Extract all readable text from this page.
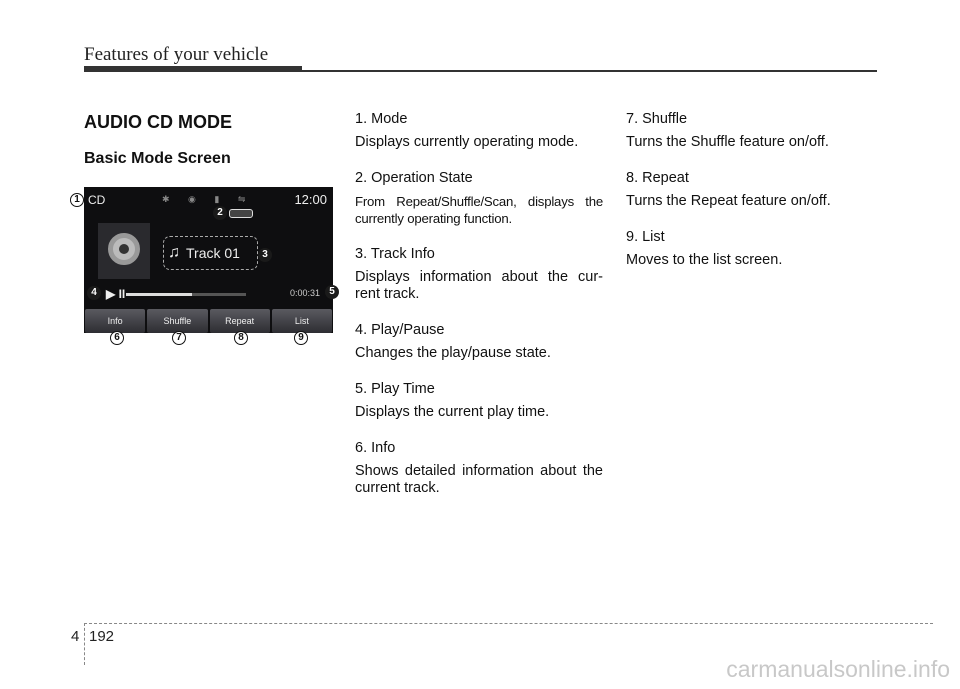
Features of your vehicle
AUDIO CD MODE
Basic Mode Screen
CD	✱ ◉ ▮ ⇋	12:00
♫ Track 01
▶ II	0:00:31
Info	Shuffle	Repeat	List
1
2
3
4	5
6	7	8	9
1. Mode
Displays currently operating mode.
2. Operation State
From Repeat/Shuffle/Scan, displays the currently operating function.
3. Track Info
Displays information about the cur-rent track.
4. Play/Pause
Changes the play/pause state.
5. Play Time
Displays the current play time.
6. Info
Shows detailed information about the current track.
7. Shuffle
Turns the Shuffle feature on/off.
8. Repeat
Turns the Repeat feature on/off.
9. List
Moves to the list screen.
4 192
carmanualsonline.info
